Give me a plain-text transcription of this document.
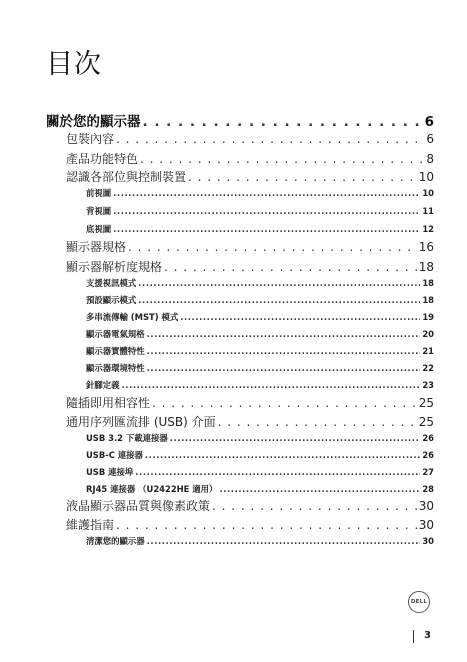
目次
關於您的顯示器 . . .	6
包裝內容 . . .	6
產品功能特色 . . .	8
認識各部位與控制裝置 . . .	10
前視圖 .....	10
背視圖 .....	11
底視圖 .....	12
顯示器規格 . . .	16
顯示器解析度規格 . . .	18
支援視訊模式 .....	18
預設顯示模式 .....	18
多串流傳輸 (MST) 模式 .....	19
顯示器電氣規格 .....	20
顯示器實體特性 .....	21
顯示器環境特性 .....	22
針腳定義 .....	23
隨插即用相容性 . . .	25
通用序列匯流排 (USB) 介面 . . .	25
USB 3.2 下載連接器 .....	26
USB-C 連接器 .....	26
USB 連接埠 .....	27
RJ45 連接器 （U2422HE 適用） .....	28
液晶顯示器品質與像素政策 . . .	30
維護指南 . . .	30
清潔您的顯示器 .....	30
DELL
3
